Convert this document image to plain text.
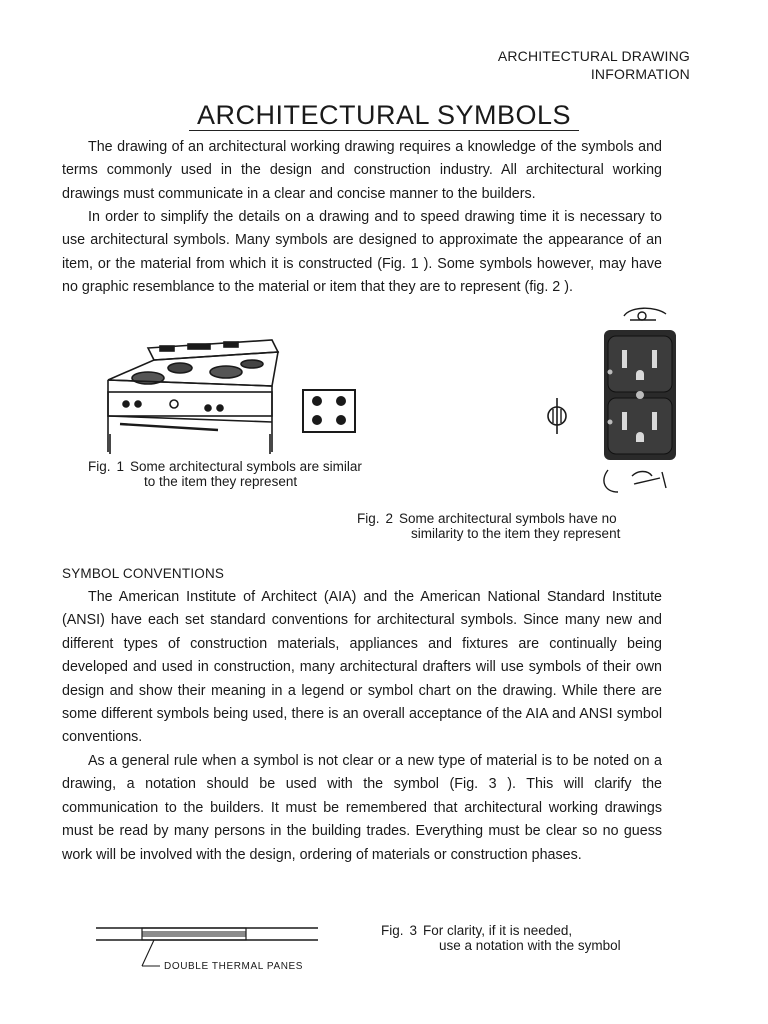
ARCHITECTURAL DRAWING
INFORMATION
ARCHITECTURAL SYMBOLS

The drawing of an architectural working drawing requires a knowledge of the symbols and terms commonly used in the design and construction industry. All architectural working drawings must communicate in a clear and concise manner to the builders.

In order to simplify the details on a drawing and to speed drawing time it is necessary to use architectural symbols. Many symbols are designed to approximate the appearance of an item, or the material from which it is constructed (Fig. 1 ). Some symbols however, may have no graphic resemblance to the material or item that they are to represent (fig. 2 ).

Fig. 1 Some architectural symbols are similar
to the item they represent
Fig. 2 Some architectural symbols have no
similarity to the item they represent
SYMBOL CONVENTIONS

The American Institute of Architect (AIA) and the American National Standard Institute (ANSI) have each set standard conventions for architectural symbols. Since many new and different types of construction materials, appliances and fixtures are continually being developed and used in construction, many architectural drafters will use symbols of their own design and show their meaning in a legend or symbol chart on the drawing. While there are some different symbols being used, there is an overall acceptance of the AIA and ANSI symbol conventions.

As a general rule when a symbol is not clear or a new type of material is to be noted on a drawing, a notation should be used with the symbol (Fig. 3 ). This will clarify the communication to the builders. It must be remembered that architectural working drawings must be read by many persons in the building trades. Everything must be clear so no guess work will be involved with the design, ordering of materials or construction phases.

DOUBLE THERMAL PANES
Fig. 3 For clarity, if it is needed,
use a notation with the symbol
